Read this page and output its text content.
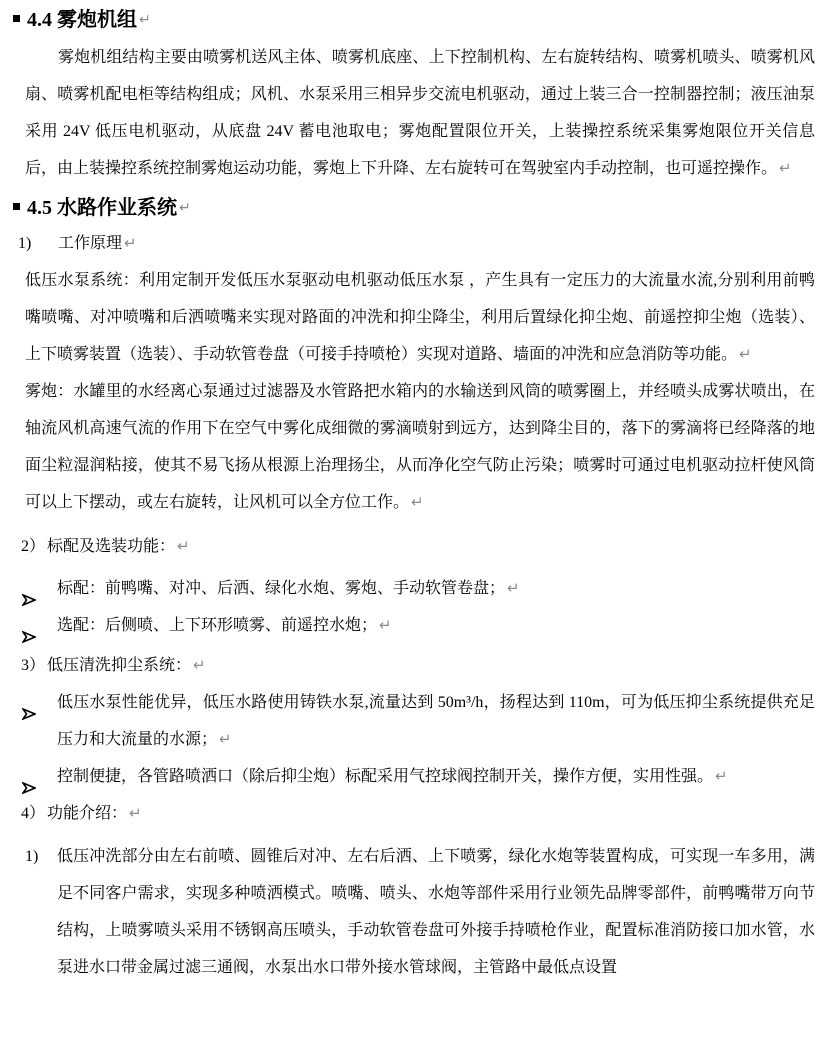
4.4 雾炮机组 ↵
雾炮机组结构主要由喷雾机送风主体、喷雾机底座、上下控制机构、左右旋转结构、喷雾机喷头、喷雾机风扇、喷雾机配电柜等结构组成；风机、水泵采用三相异步交流电机驱动，通过上装三合一控制器控制；液压油泵采用 24V 低压电机驱动，从底盘 24V 蓄电池取电；雾炮配置限位开关，上装操控系统采集雾炮限位开关信息后，由上装操控系统控制雾炮运动功能，雾炮上下升降、左右旋转可在驾驶室内手动控制，也可遥控操作。 ↵
4.5 水路作业系统 ↵
1) 工作原理 ↵
低压水泵系统：利用定制开发低压水泵驱动电机驱动低压水泵 ，产生具有一定压力的大流量水流,分别利用前鸭嘴喷嘴、对冲喷嘴和后洒喷嘴来实现对路面的冲洗和抑尘降尘，利用后置绿化抑尘炮、前遥控抑尘炮（选装）、上下喷雾装置（选装）、手动软管卷盘（可接手持喷枪）实现对道路、墙面的冲洗和应急消防等功能。 ↵
雾炮：水罐里的水经离心泵通过过滤器及水管路把水箱内的水输送到风筒的喷雾圈上，并经喷头成雾状喷出，在轴流风机高速气流的作用下在空气中雾化成细微的雾滴喷射到远方，达到降尘目的，落下的雾滴将已经降落的地面尘粒湿润粘接，使其不易飞扬从根源上治理扬尘，从而净化空气防止污染；喷雾时可通过电机驱动拉杆使风筒可以上下摆动，或左右旋转，让风机可以全方位工作。 ↵
2） 标配及选装功能： ↵
标配：前鸭嘴、对冲、后洒、绿化水炮、雾炮、手动软管卷盘； ↵
选配：后侧喷、上下环形喷雾、前遥控水炮； ↵
3） 低压清洗抑尘系统： ↵
低压水泵性能优异，低压水路使用铸铁水泵,流量达到 50m³/h，扬程达到 110m，可为低压抑尘系统提供充足压力和大流量的水源； ↵
控制便捷，各管路喷洒口（除后抑尘炮）标配采用气控球阀控制开关，操作方便，实用性强。 ↵
4） 功能介绍： ↵
1) 低压冲洗部分由左右前喷、圆锥后对冲、左右后洒、上下喷雾，绿化水炮等装置构成，可实现一车多用，满足不同客户需求，实现多种喷洒模式。喷嘴、喷头、水炮等部件采用行业领先品牌零部件，前鸭嘴带万向节结构，上喷雾喷头采用不锈钢高压喷头，手动软管卷盘可外接手持喷枪作业，配置标准消防接口加水管，水泵进水口带金属过滤三通阀，水泵出水口带外接水管球阀，主管路中最低点设置
